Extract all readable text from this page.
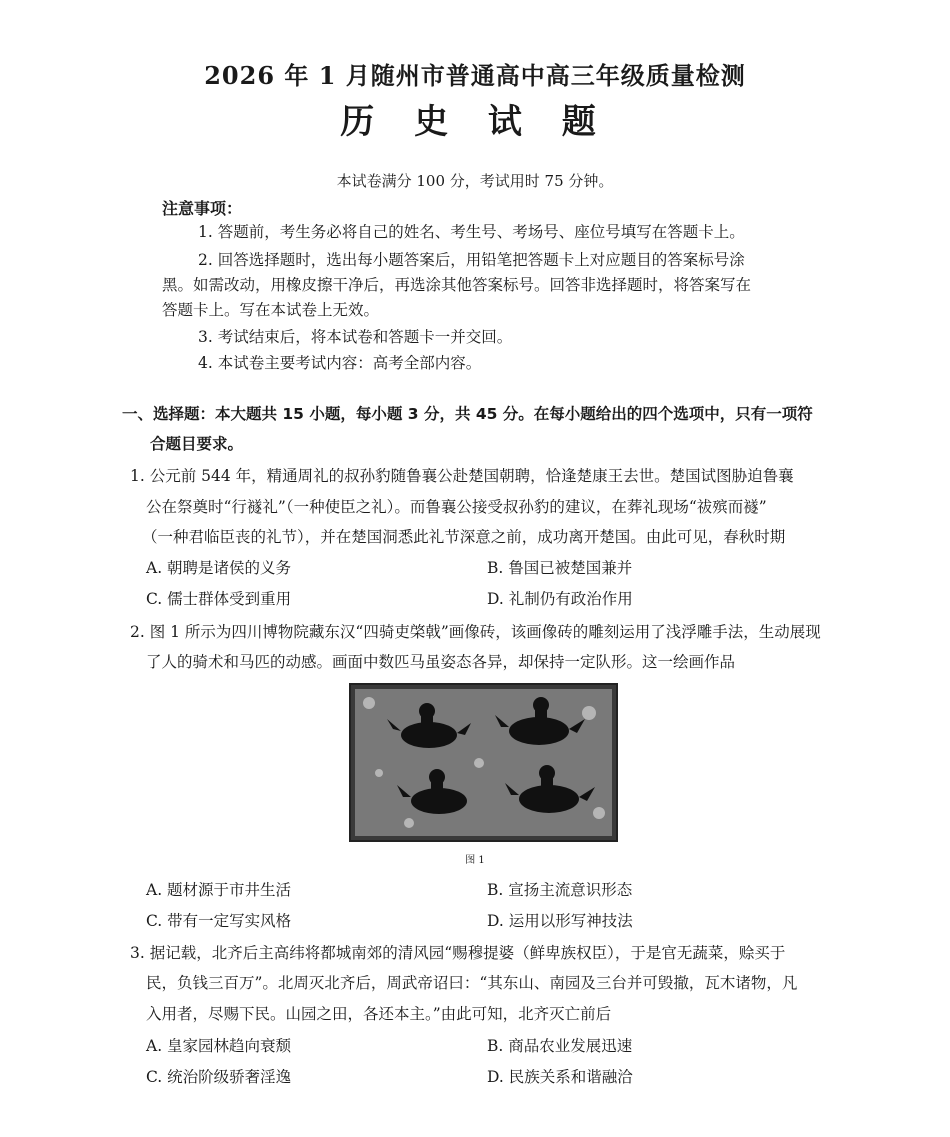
2026 年 1 月随州市普通高中高三年级质量检测
历 史 试 题
本试卷满分 100 分，考试用时 75 分钟。
注意事项：
1. 答题前，考生务必将自己的姓名、考生号、考场号、座位号填写在答题卡上。
2. 回答选择题时，选出每小题答案后，用铅笔把答题卡上对应题目的答案标号涂
黑。如需改动，用橡皮擦干净后，再选涂其他答案标号。回答非选择题时，将答案写在
答题卡上。写在本试卷上无效。
3. 考试结束后，将本试卷和答题卡一并交回。
4. 本试卷主要考试内容：高考全部内容。
一、选择题：本大题共 15 小题，每小题 3 分，共 45 分。在每小题给出的四个选项中，只有一项符
合题目要求。
1. 公元前 544 年，精通周礼的叔孙豹随鲁襄公赴楚国朝聘，恰逢楚康王去世。楚国试图胁迫鲁襄
公在祭奠时“行襚礼”（一种使臣之礼）。而鲁襄公接受叔孙豹的建议，在葬礼现场“祓殡而襚”
（一种君临臣丧的礼节），并在楚国洞悉此礼节深意之前，成功离开楚国。由此可见，春秋时期
A. 朝聘是诸侯的义务	B. 鲁国已被楚国兼并
C. 儒士群体受到重用	D. 礼制仍有政治作用
2. 图 1 所示为四川博物院藏东汉“四骑吏棨戟”画像砖，该画像砖的雕刻运用了浅浮雕手法，生动展现
了人的骑术和马匹的动感。画面中数匹马虽姿态各异，却保持一定队形。这一绘画作品
图 1
A. 题材源于市井生活	B. 宣扬主流意识形态
C. 带有一定写实风格	D. 运用以形写神技法
3. 据记载，北齐后主高纬将都城南郊的清风园“赐穆提婆（鲜卑族权臣），于是官无蔬菜，赊买于
民，负钱三百万”。北周灭北齐后，周武帝诏曰：“其东山、南园及三台并可毁撤，瓦木诸物，凡
入用者，尽赐下民。山园之田，各还本主。”由此可知，北齐灭亡前后
A. 皇家园林趋向衰颓	B. 商品农业发展迅速
C. 统治阶级骄奢淫逸	D. 民族关系和谐融洽
